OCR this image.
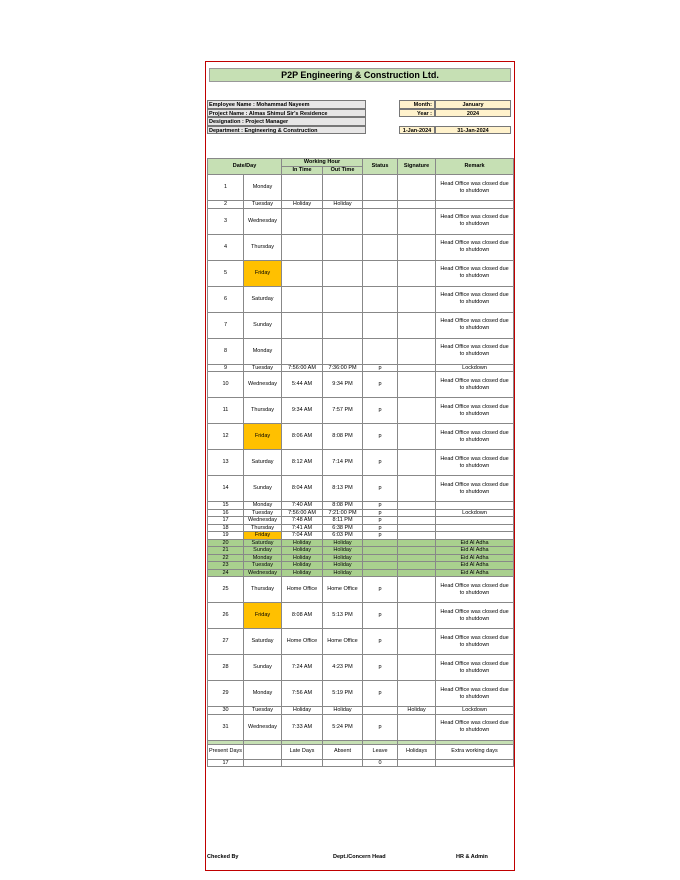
P2P Engineering & Construction Ltd.
Employee Name : Mohammad Nayeem
Project Name : Almas Shimul Sir's Residence
Designation : Project Manager
Department : Engineering & Construction
Month:	January
Year :	2024
1-Jan-2024	31-Jan-2024
Date/Day		Working Hour		Status	Signature	Remark
		In Time	Out Time			
1	Monday					Head Office was closed due to shutdown
2	Tuesday	Holiday	Holiday			
3	Wednesday					Head Office was closed due to shutdown
4	Thursday					Head Office was closed due to shutdown
5	Friday					Head Office was closed due to shutdown
6	Saturday					Head Office was closed due to shutdown
7	Sunday					Head Office was closed due to shutdown
8	Monday					Head Office was closed due to shutdown
9	Tuesday	7:56:00 AM	7:36:00 PM	p		Lockdown
10	Wednesday	5:44 AM	9:34 PM	p		Head Office was closed due to shutdown
11	Thursday	9:34 AM	7:57 PM	p		Head Office was closed due to shutdown
12	Friday	8:06 AM	8:08 PM	p		Head Office was closed due to shutdown
13	Saturday	8:12 AM	7:14 PM	p		Head Office was closed due to shutdown
14	Sunday	8:04 AM	8:13 PM	p		Head Office was closed due to shutdown
15	Monday	7:40 AM	8:08 PM	p		
16	Tuesday	7:56:00 AM	7:21:00 PM	p		Lockdown
17	Wednesday	7:48 AM	8:11 PM	p		
18	Thursday	7:41 AM	6:38 PM	p		
19	Friday	7:04 AM	6:03 PM	p		
20	Saturday	Holiday	Holiday			Eid Al Adha
21	Sunday	Holiday	Holiday			Eid Al Adha
22	Monday	Holiday	Holiday			Eid Al Adha
23	Tuesday	Holiday	Holiday			Eid Al Adha
24	Wednesday	Holiday	Holiday			Eid Al Adha
25	Thursday	Home Office	Home Office	p		Head Office was closed due to shutdown
26	Friday	8:08 AM	5:13 PM	p		Head Office was closed due to shutdown
27	Saturday	Home Office	Home Office	p		Head Office was closed due to shutdown
28	Sunday	7:24 AM	4:23 PM	p		Head Office was closed due to shutdown
29	Monday	7:56 AM	5:19 PM	p		Head Office was closed due to shutdown
30	Tuesday	Holiday	Holiday		Holiday	Lockdown
31	Wednesday	7:33 AM	5:24 PM	p		Head Office was closed due to shutdown

Present Days		Late Days	Absent	Leave	Holidays	Extra working days
17				0		
Checked By	Dept./Concern Head	HR & Admin
